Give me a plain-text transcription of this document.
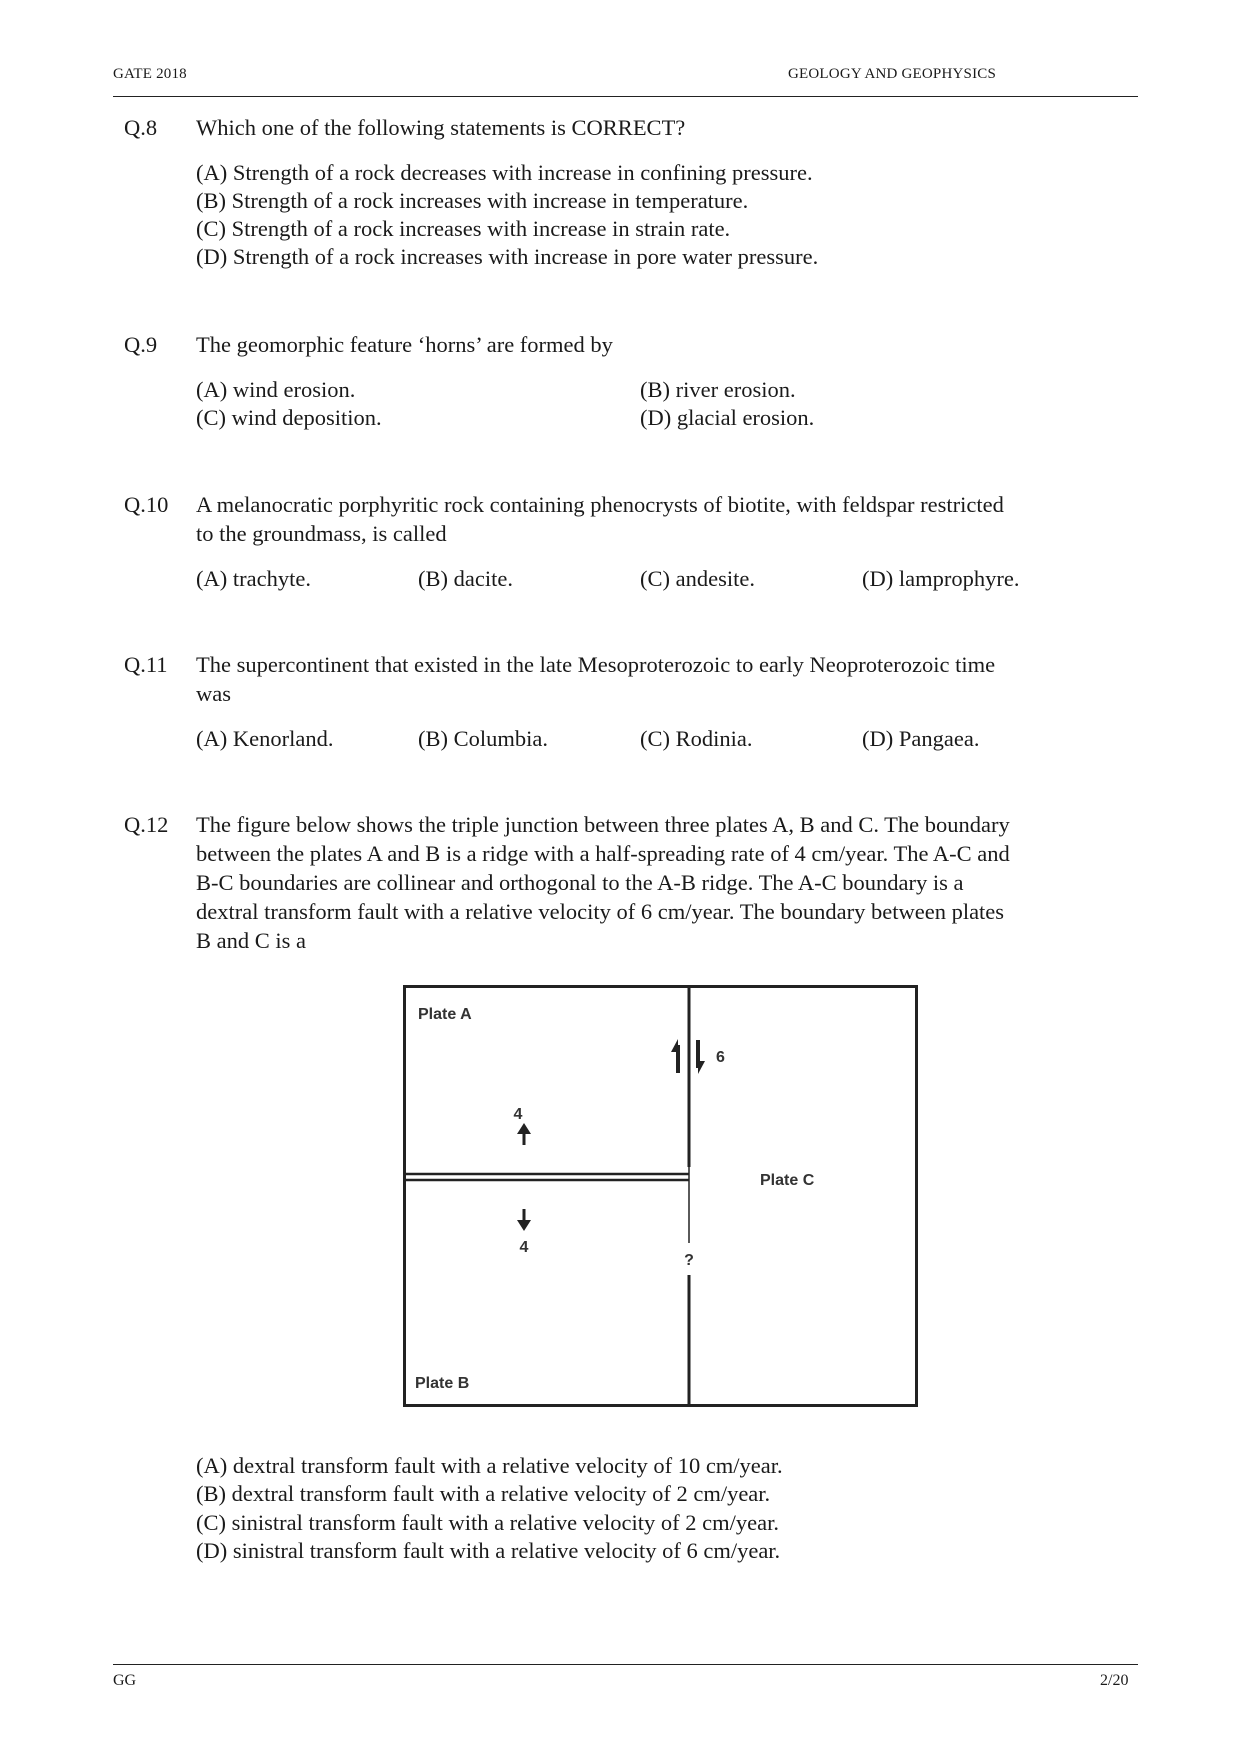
GATE 2018	GEOLOGY AND GEOPHYSICS
Q.8 Which one of the following statements is CORRECT?
(A) Strength of a rock decreases with increase in confining pressure.
(B) Strength of a rock increases with increase in temperature.
(C) Strength of a rock increases with increase in strain rate.
(D) Strength of a rock increases with increase in pore water pressure.
Q.9 The geomorphic feature ‘horns’ are formed by
(A) wind erosion.	(B) river erosion.
(C) wind deposition.	(D) glacial erosion.
Q.10 A melanocratic porphyritic rock containing phenocrysts of biotite, with feldspar restricted
to the groundmass, is called
(A) trachyte.	(B) dacite.	(C) andesite.	(D) lamprophyre.
Q.11 The supercontinent that existed in the late Mesoproterozoic to early Neoproterozoic time
was
(A) Kenorland.	(B) Columbia.	(C) Rodinia.	(D) Pangaea.
Q.12 The figure below shows the triple junction between three plates A, B and C. The boundary
between the plates A and B is a ridge with a half-spreading rate of 4 cm/year. The A-C and
B-C boundaries are collinear and orthogonal to the A-B ridge. The A-C boundary is a
dextral transform fault with a relative velocity of 6 cm/year. The boundary between plates
B and C is a
Plate A
Plate B
Plate C
6
4
4
?
(A) dextral transform fault with a relative velocity of 10 cm/year.
(B) dextral transform fault with a relative velocity of 2 cm/year.
(C) sinistral transform fault with a relative velocity of 2 cm/year.
(D) sinistral transform fault with a relative velocity of 6 cm/year.
GG	2/20
